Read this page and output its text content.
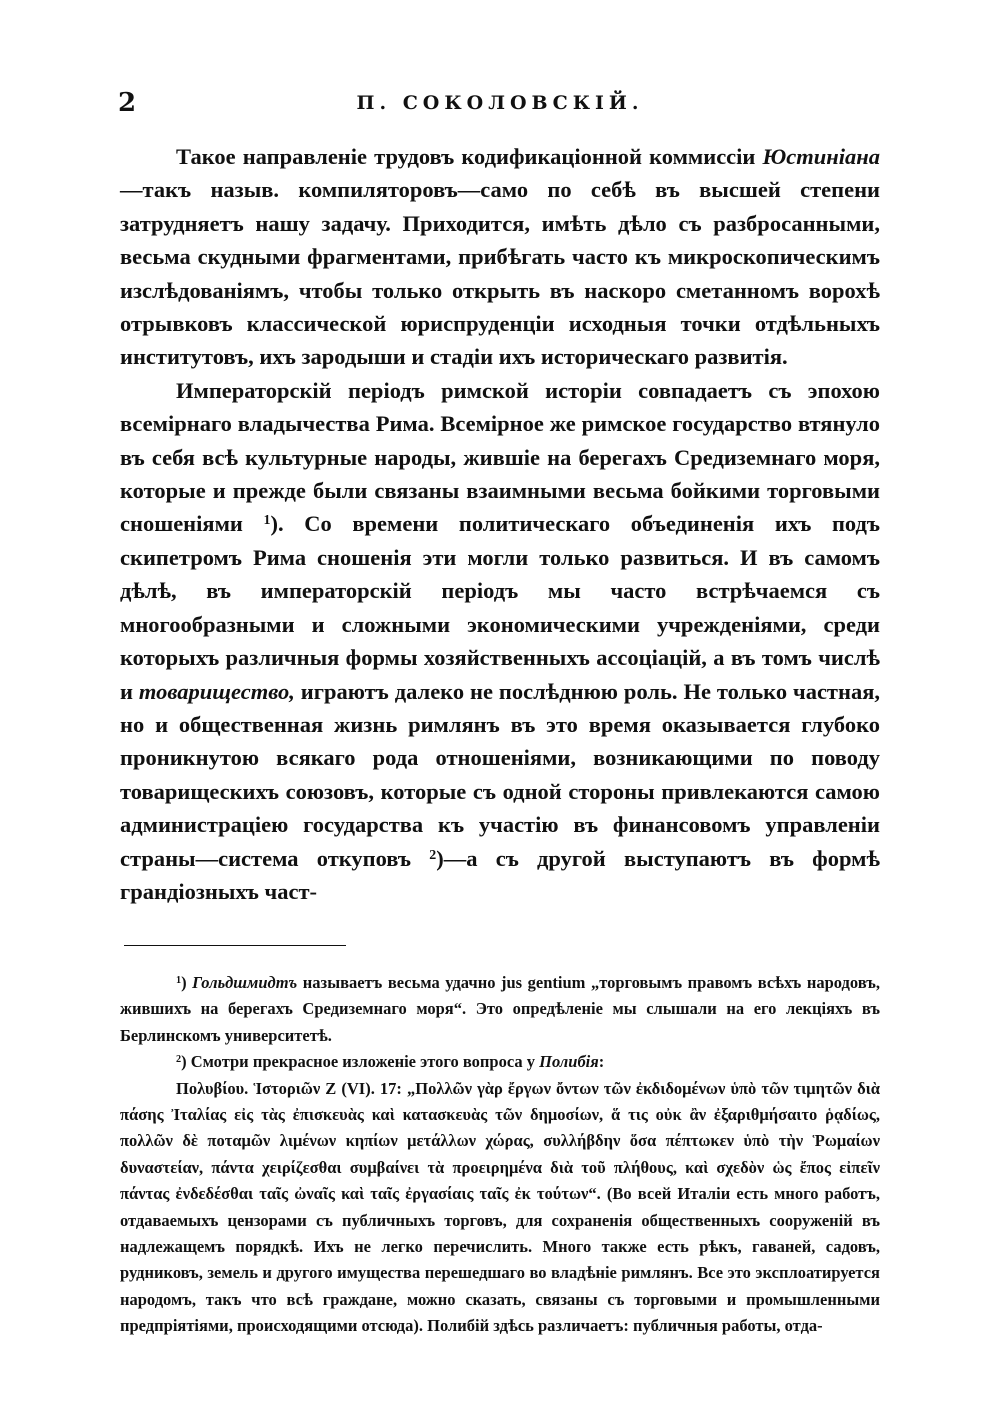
2	П. СОКОЛОВСКІЙ.

Такое направленіе трудовъ кодификаціонной коммиссіи Юстиніана—такъ назыв. компиляторовъ—само по себѣ въ высшей степени затрудняетъ нашу задачу. Приходится, имѣть дѣло съ разбросанными, весьма скудными фрагментами, прибѣгать часто къ микроскопическимъ изслѣдованіямъ, чтобы только открыть въ наскоро сметанномъ ворохѣ отрывковъ классической юриспруденціи исходныя точки отдѣльныхъ институтовъ, ихъ зародыши и стадіи ихъ историческаго развитія.

Императорскій періодъ римской исторіи совпадаетъ съ эпохою всемірнаго владычества Рима. Всемірное же римское государство втянуло въ себя всѣ культурные народы, жившіе на берегахъ Средиземнаго моря, которые и прежде были связаны взаимными весьма бойкими торговыми сношеніями $^1$). Со времени политическаго объединенія ихъ подъ скипетромъ Рима сношенія эти могли только развиться. И въ самомъ дѣлѣ, въ императорскій періодъ мы часто встрѣчаемся съ многообразными и сложными экономическими учрежденіями, среди которыхъ различныя формы хозяйственныхъ ассоціацій, а въ томъ числѣ и товарищество, играютъ далеко не послѣднюю роль. Не только частная, но и общественная жизнь римлянъ въ это время оказывается глубоко проникнутою всякаго рода отношеніями, возникающими по поводу товарищескихъ союзовъ, которые съ одной стороны привлекаются самою администраціею государства къ участію въ финансовомъ управленіи страны—система откуповъ $^2$)—а съ другой выступаютъ въ формѣ грандіозныхъ част-

$^1$) Гольдшмидтъ называетъ весьма удачно jus gentium „торговымъ правомъ всѣхъ народовъ, жившихъ на берегахъ Средиземнаго моря“. Это опредѣленіе мы слышали на его лекціяхъ въ Берлинскомъ университетѣ.

$^2$) Смотри прекрасное изложеніе этого вопроса у Полибія:

Πολυβίου. Ἱστοριῶν Ζ (VI). 17: „Πολλῶν γὰρ ἔργων ὄντων τῶν ἐκδιδομένων ὑπὸ τῶν τιμητῶν διὰ πάσης Ἰταλίας εἰς τὰς ἐπισκευὰς καὶ κατασκευὰς τῶν δημοσίων, ἅ τις οὐκ ἂν ἐξαριθμήσαιτο ῥᾳδίως, πολλῶν δὲ ποταμῶν λιμένων κηπίων μετάλλων χώρας, συλλήβδην ὅσα πέπτωκεν ὑπὸ τὴν Ῥωμαίων δυναστείαν, πάντα χειρίζεσθαι συμβαίνει τὰ προειρημένα διὰ τοῦ πλήθους, καὶ σχεδὸν ὡς ἔπος εἰπεῖν πάντας ἐνδεδέσθαι ταῖς ὠναῖς καὶ ταῖς ἐργασίαις ταῖς ἐκ τούτων“. (Во всей Италіи есть много работъ, отдаваемыхъ цензорами съ публичныхъ торговъ, для сохраненія общественныхъ сооруженій въ надлежащемъ порядкѣ. Ихъ не легко перечислить. Много также есть рѣкъ, гаваней, садовъ, рудниковъ, земель и другого имущества перешедшаго во владѣніе римлянъ. Все это эксплоатируется народомъ, такъ что всѣ граждане, можно сказать, связаны съ торговыми и промышленными предпріятіями, происходящими отсюда). Полибій здѣсь различаетъ: публичныя работы, отда-
